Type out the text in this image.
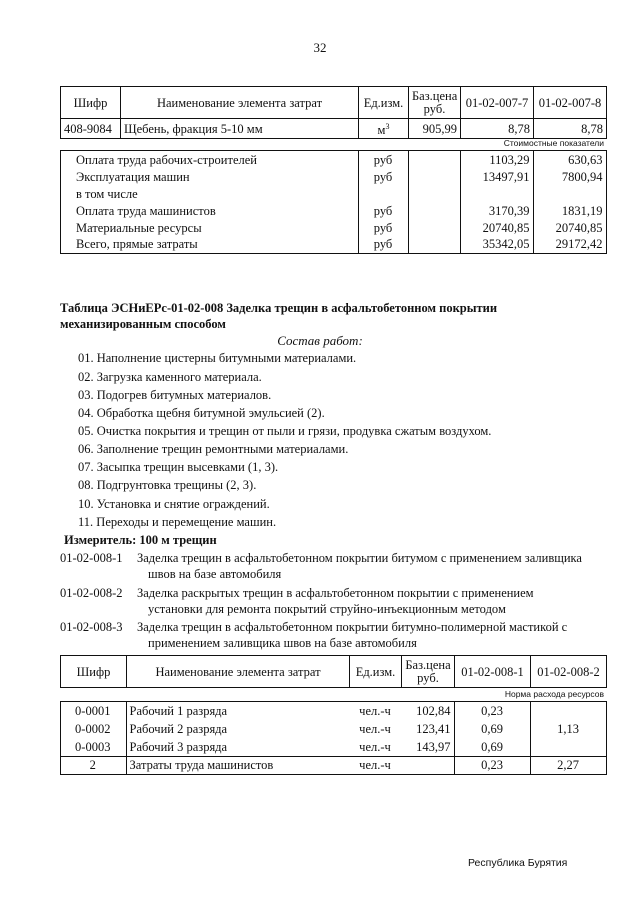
32
Шифр	Наименование элемента затрат	Ед.изм.	Баз.цена руб.	01-02-007-7	01-02-007-8
408-9084	Щебень, фракция 5-10 мм	$м^3$	905,99	8,78	8,78
Стоимостные показатели
Оплата труда рабочих-строителей	руб		1103,29	630,63
Эксплуатация машин	руб		13497,91	7800,94
в том числе				
Оплата труда машинистов	руб		3170,39	1831,19
Материальные ресурсы	руб		20740,85	20740,85
Всего, прямые затраты	руб		35342,05	29172,42
Таблица ЭСНиЕРс-01-02-008 Заделка трещин в асфальтобетонном покрытии
механизированным способом
Состав работ:
01. Наполнение цистерны битумными материалами.
02. Загрузка каменного материала.
03. Подогрев битумных материалов.
04. Обработка щебня битумной эмульсией (2).
05. Очистка покрытия и трещин от пыли и грязи, продувка сжатым воздухом.
06. Заполнение трещин ремонтными материалами.
07. Засыпка трещин высевками (1, 3).
08. Подгрунтовка трещины (2, 3).
10. Установка и снятие ограждений.
11. Переходы и перемещение машин.
Измеритель: 100 м трещин
01-02-008-1 Заделка трещин в асфальтобетонном покрытии битумом с применением заливщика
швов на базе автомобиля
01-02-008-2 Заделка раскрытых трещин в асфальтобетонном покрытии с применением
установки для ремонта покрытий струйно-инъекционным методом
01-02-008-3 Заделка трещин в асфальтобетонном покрытии битумно-полимерной мастикой с
применением заливщика швов на базе автомобиля
Шифр	Наименование элемента затрат	Ед.изм.	Баз.цена руб.	01-02-008-1	01-02-008-2
Норма расхода ресурсов
0-0001	Рабочий 1 разряда	чел.-ч	102,84	0,23	
0-0002	Рабочий 2 разряда	чел.-ч	123,41	0,69	1,13
0-0003	Рабочий 3 разряда	чел.-ч	143,97	0,69	
2	Затраты труда машинистов	чел.-ч		0,23	2,27
Республика Бурятия
